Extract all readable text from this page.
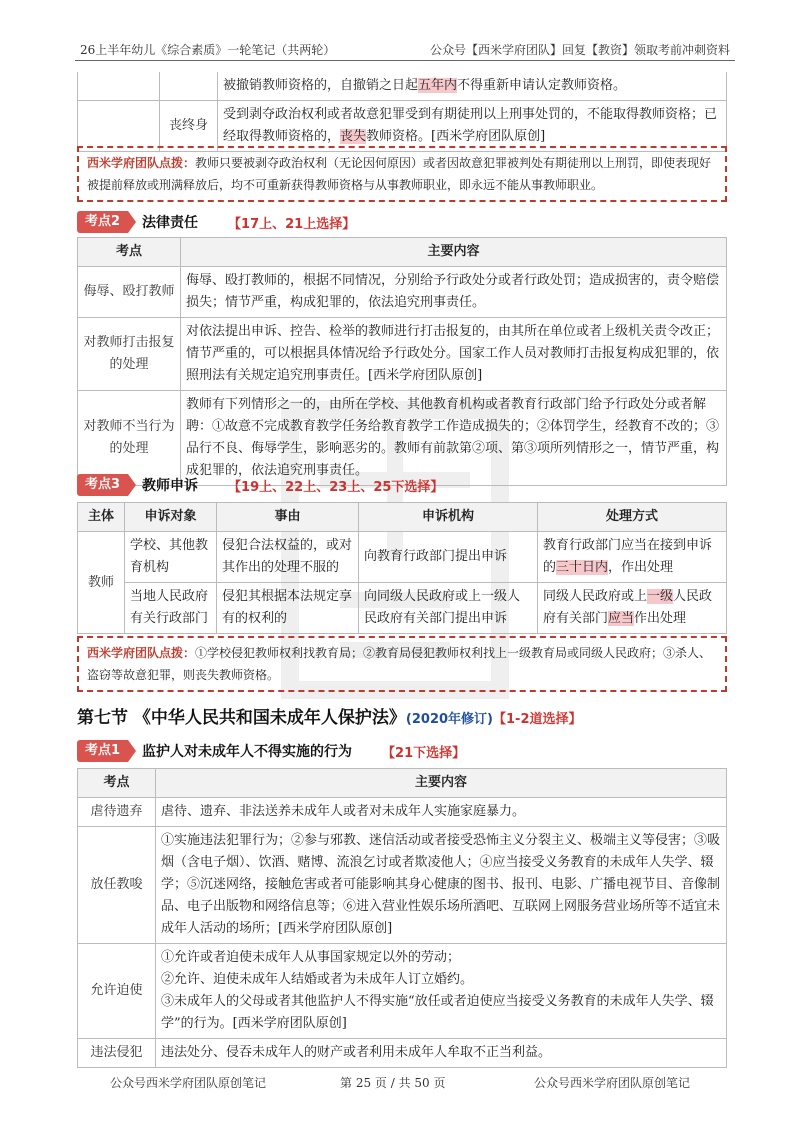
26上半年幼儿《综合素质》一轮笔记（共两轮）	公众号【西米学府团队】回复【教资】领取考前冲刺资料
		被撤销教师资格的，自撤销之日起五年内不得重新申请认定教师资格。
	丧终身	受到剥夺政治权利或者故意犯罪受到有期徒刑以上刑事处罚的，不能取得教师资格；已经取得教师资格的，丧失教师资格。[西米学府团队原创]
西米学府团队点拨：教师只要被剥夺政治权利（无论因何原因）或者因故意犯罪被判处有期徒刑以上刑罚，即使表现好被提前释放或刑满释放后，均不可重新获得教师资格与从事教师职业，即永远不能从事教师职业。
考点2	法律责任 【17上、21上选择】
考点	主要内容
侮辱、殴打教师	侮辱、殴打教师的，根据不同情况，分别给予行政处分或者行政处罚；造成损害的，责令赔偿损失；情节严重，构成犯罪的，依法追究刑事责任。
对教师打击报复的处理	对依法提出申诉、控告、检举的教师进行打击报复的，由其所在单位或者上级机关责令改正；情节严重的，可以根据具体情况给予行政处分。国家工作人员对教师打击报复构成犯罪的，依照刑法有关规定追究刑事责任。[西米学府团队原创]
对教师不当行为的处理	教师有下列情形之一的，由所在学校、其他教育机构或者教育行政部门给予行政处分或者解聘：①故意不完成教育教学任务给教育教学工作造成损失的；②体罚学生，经教育不改的；③品行不良、侮辱学生，影响恶劣的。教师有前款第②项、第③项所列情形之一，情节严重，构成犯罪的，依法追究刑事责任。
考点3	教师申诉 【19上、22上、23上、25下选择】
主体	申诉对象	事由	申诉机构	处理方式
教师	学校、其他教育机构	侵犯合法权益的，或对其作出的处理不服的	向教育行政部门提出申诉	教育行政部门应当在接到申诉的三十日内，作出处理
	当地人民政府有关行政部门	侵犯其根据本法规定享有的权利的	向同级人民政府或上一级人民政府有关部门提出申诉	同级人民政府或上一级人民政府有关部门应当作出处理
西米学府团队点拨：①学校侵犯教师权利找教育局；②教育局侵犯教师权利找上一级教育局或同级人民政府；③杀人、盗窃等故意犯罪，则丧失教师资格。
第七节 《中华人民共和国未成年人保护法》(2020年修订)【1-2道选择】
考点1	监护人对未成年人不得实施的行为 【21下选择】
考点	主要内容
虐待遗弃	虐待、遗弃、非法送养未成年人或者对未成年人实施家庭暴力。
放任教唆	①实施违法犯罪行为；②参与邪教、迷信活动或者接受恐怖主义分裂主义、极端主义等侵害；③吸烟（含电子烟）、饮酒、赌博、流浪乞讨或者欺凌他人；④应当接受义务教育的未成年人失学、辍学；⑤沉迷网络，接触危害或者可能影响其身心健康的图书、报刊、电影、广播电视节目、音像制品、电子出版物和网络信息等；⑥进入营业性娱乐场所酒吧、互联网上网服务营业场所等不适宜未成年人活动的场所；[西米学府团队原创]
允许迫使	①允许或者迫使未成年人从事国家规定以外的劳动；
②允许、迫使未成年人结婚或者为未成年人订立婚约。
③未成年人的父母或者其他监护人不得实施“放任或者迫使应当接受义务教育的未成年人失学、辍学”的行为。[西米学府团队原创]

违法侵犯	违法处分、侵吞未成年人的财产或者利用未成年人牟取不正当利益。
公众号西米学府团队原创笔记	第 25 页 / 共 50 页	公众号西米学府团队原创笔记
